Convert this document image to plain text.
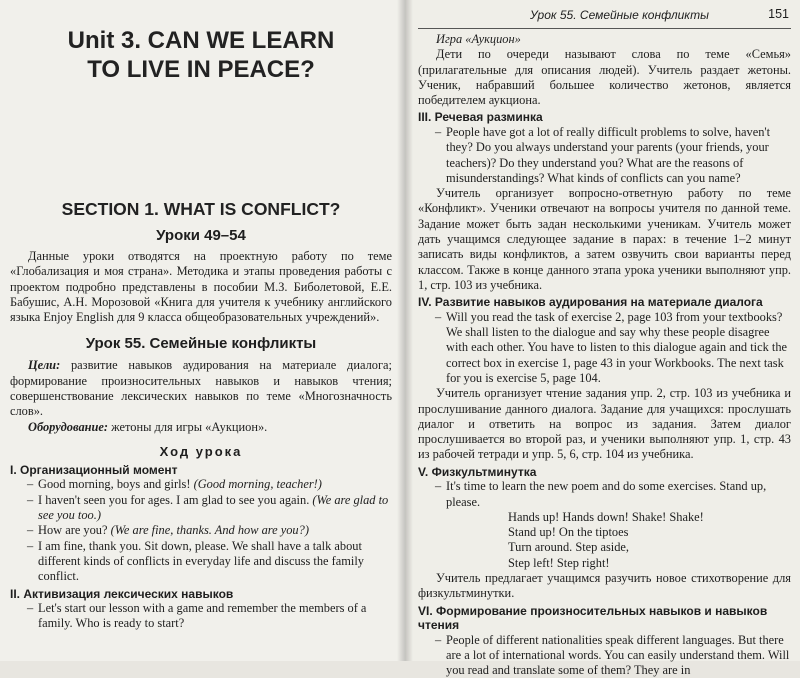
Unit 3. CAN WE LEARN
TO LIVE IN PEACE?
SECTION 1. WHAT IS CONFLICT?
Уроки 49–54

Данные уроки отводятся на проектную работу по теме «Глобализация и моя страна». Методика и этапы проведения работы с проектом подробно представлены в пособии М.З. Биболетовой, Е.Е. Бабушис, А.Н. Морозовой «Книга для учителя к учебнику английского языка Enjoy English для 9 класса общеобразовательных учреждений».

Урок 55. Семейные конфликты

Цели: развитие навыков аудирования на материале диалога; формирование произносительных навыков и навыков чтения; совершенствование лексических навыков по теме «Многозначность слов».

Оборудование: жетоны для игры «Аукцион».

Ход урока
I. Организационный момент
– Good morning, boys and girls! (Good morning, teacher!)
– I haven't seen you for ages. I am glad to see you again. (We are glad to see you too.)
– How are you? (We are fine, thanks. And how are you?)
– I am fine, thank you. Sit down, please. We shall have a talk about different kinds of conflicts in everyday life and discuss the family conflict.
II. Активизация лексических навыков
– Let's start our lesson with a game and remember the members of a family. Who is ready to start?
Урок 55. Семейные конфликты	151

Игра «Аукцион»

Дети по очереди называют слова по теме «Семья» (прилагательные для описания людей). Учитель раздает жетоны. Ученик, набравший большее количество жетонов, является победителем аукциона.

III. Речевая разминка
– People have got a lot of really difficult problems to solve, haven't they? Do you always understand your parents (your friends, your teachers)? Do they understand you? What are the reasons of misunderstandings? What kinds of conflicts can you name?

Учитель организует вопросно-ответную работу по теме «Конфликт». Ученики отвечают на вопросы учителя по данной теме. Задание может быть задан несколькими ученикам. Учитель может дать учащимся следующее задание в парах: в течение 1–2 минут записать виды конфликтов, а затем озвучить свои варианты перед классом. Также в конце данного этапа урока ученики выполняют упр. 1, стр. 103 из учебника.

IV. Развитие навыков аудирования на материале диалога
– Will you read the task of exercise 2, page 103 from your textbooks? We shall listen to the dialogue and say why these people disagree with each other. You have to listen to this dialogue again and tick the correct box in exercise 1, page 43 in your Workbooks. The next task for you is exercise 5, page 104.

Учитель организует чтение задания упр. 2, стр. 103 из учебника и прослушивание данного диалога. Задание для учащихся: прослушать диалог и ответить на вопрос из задания. Затем диалог прослушивается во второй раз, и ученики выполняют упр. 1, стр. 43 из рабочей тетради и упр. 5, 6, стр. 104 из учебника.

V. Физкультминутка
– It's time to learn the new poem and do some exercises. Stand up, please.
Hands up! Hands down! Shake! Shake!
Stand up! On the tiptoes
Turn around. Step aside,
Step left! Step right!

Учитель предлагает учащимся разучить новое стихотворение для физкультминутки.

VI. Формирование произносительных навыков и навыков чтения
– People of different nationalities speak different languages. But there are a lot of international words. You can easily understand them. Will you read and translate some of them? They are in
